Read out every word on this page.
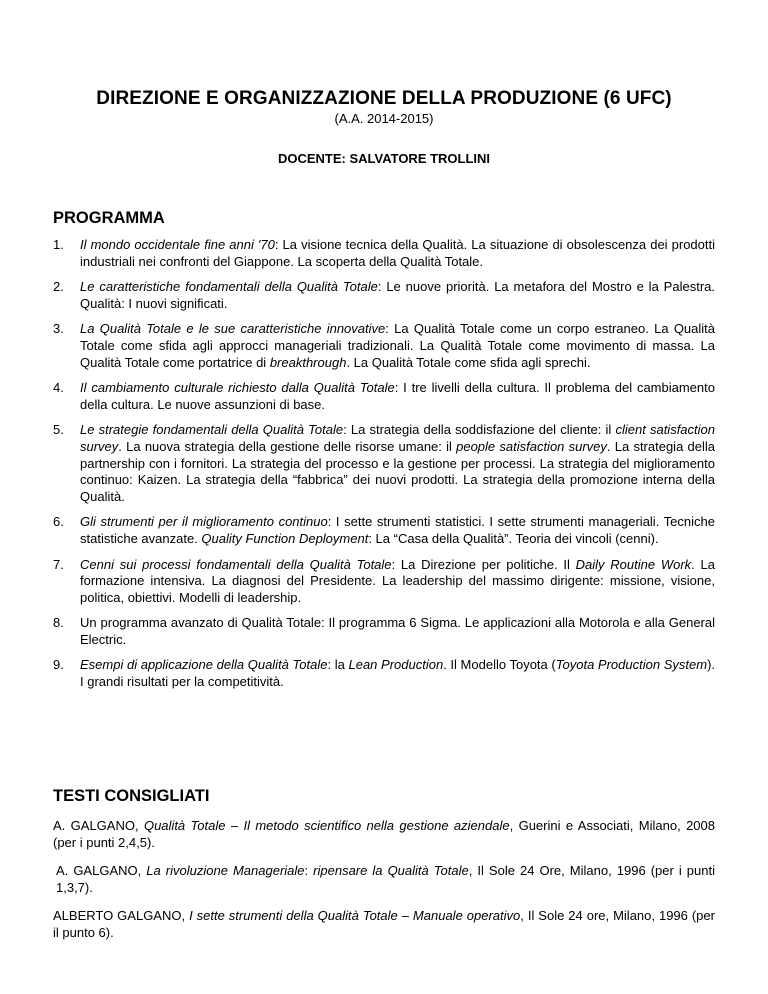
DIREZIONE E ORGANIZZAZIONE DELLA PRODUZIONE (6 UFC)
(A.A. 2014-2015)
DOCENTE: SALVATORE TROLLINI
PROGRAMMA
1. Il mondo occidentale fine anni '70: La visione tecnica della Qualità. La situazione di obsolescenza dei prodotti industriali nei confronti del Giappone. La scoperta della Qualità Totale.
2. Le caratteristiche fondamentali della Qualità Totale: Le nuove priorità. La metafora del Mostro e la Palestra. Qualità: I nuovi significati.
3. La Qualità Totale e le sue caratteristiche innovative: La Qualità Totale come un corpo estraneo. La Qualità Totale come sfida agli approcci manageriali tradizionali. La Qualità Totale come movimento di massa. La Qualità Totale come portatrice di breakthrough. La Qualità Totale come sfida agli sprechi.
4. Il cambiamento culturale richiesto dalla Qualità Totale: I tre livelli della cultura. Il problema del cambiamento della cultura. Le nuove assunzioni di base.
5. Le strategie fondamentali della Qualità Totale: La strategia della soddisfazione del cliente: il client satisfaction survey. La nuova strategia della gestione delle risorse umane: il people satisfaction survey. La strategia della partnership con i fornitori. La strategia del processo e la gestione per processi. La strategia del miglioramento continuo: Kaizen. La strategia della “fabbrica” dei nuovi prodotti. La strategia della promozione interna della Qualità.
6. Gli strumenti per il miglioramento continuo: I sette strumenti statistici. I sette strumenti manageriali. Tecniche statistiche avanzate. Quality Function Deployment: La “Casa della Qualità”. Teoria dei vincoli (cenni).
7. Cenni sui processi fondamentali della Qualità Totale: La Direzione per politiche. Il Daily Routine Work. La formazione intensiva. La diagnosi del Presidente. La leadership del massimo dirigente: missione, visione, politica, obiettivi. Modelli di leadership.
8. Un programma avanzato di Qualità Totale: Il programma 6 Sigma. Le applicazioni alla Motorola e alla General Electric.
9. Esempi di applicazione della Qualità Totale: la Lean Production. Il Modello Toyota (Toyota Production System). I grandi risultati per la competitività.
TESTI CONSIGLIATI
A. GALGANO, Qualità Totale – Il metodo scientifico nella gestione aziendale, Guerini e Associati, Milano, 2008 (per i punti 2,4,5).
A. GALGANO, La rivoluzione Manageriale: ripensare la Qualità Totale, Il Sole 24 Ore, Milano, 1996 (per i punti 1,3,7).
ALBERTO GALGANO, I sette strumenti della Qualità Totale – Manuale operativo, Il Sole 24 ore, Milano, 1996 (per il punto 6).
